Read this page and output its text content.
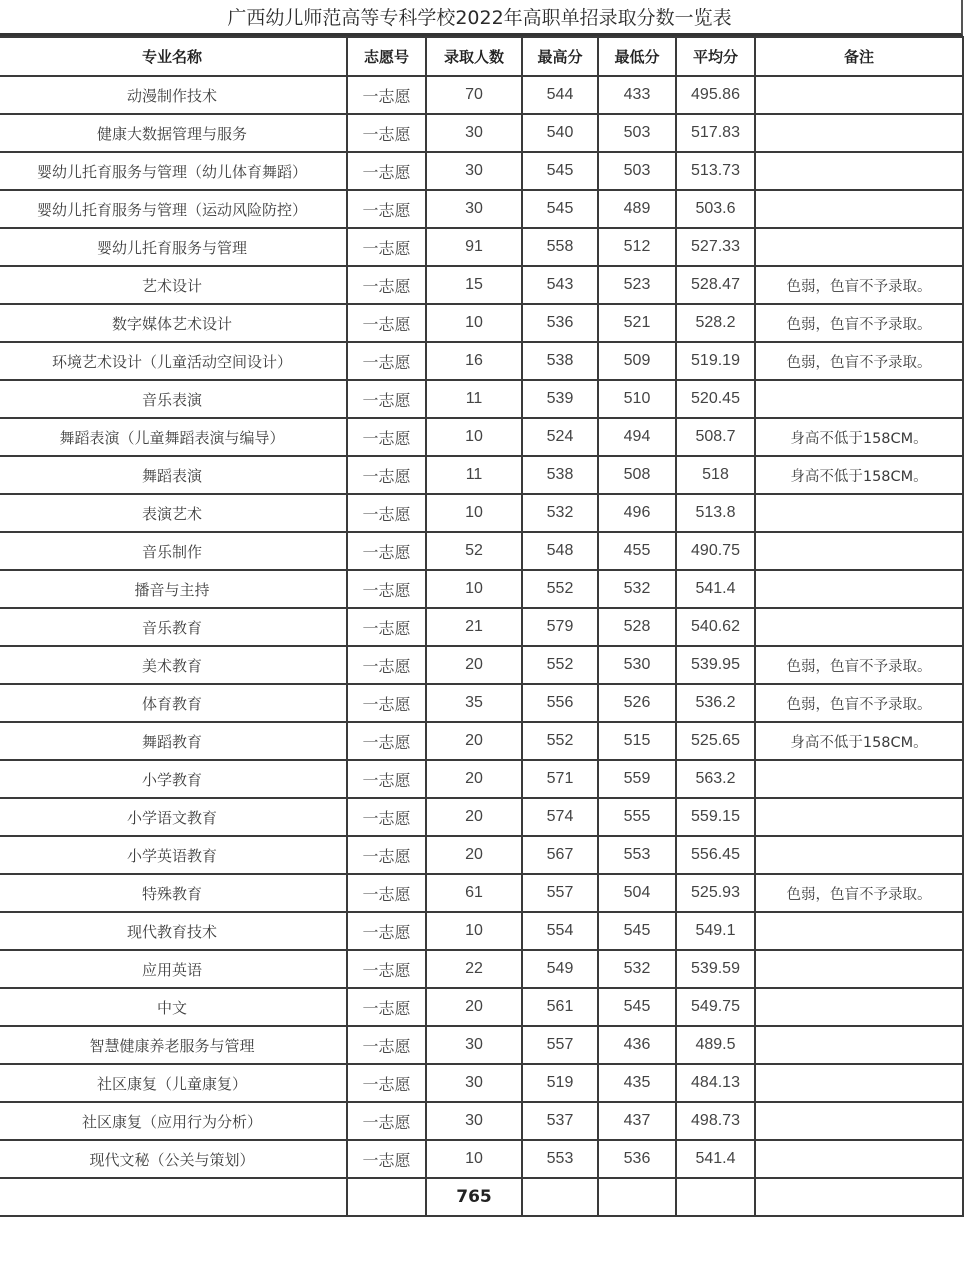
广西幼儿师范高等专科学校2022年高职单招录取分数一览表
专业名称	志愿号	录取人数	最高分	最低分	平均分	备注
动漫制作技术	一志愿	70	544	433	495.86	
健康大数据管理与服务	一志愿	30	540	503	517.83	
婴幼儿托育服务与管理（幼儿体育舞蹈）	一志愿	30	545	503	513.73	
婴幼儿托育服务与管理（运动风险防控）	一志愿	30	545	489	503.6	
婴幼儿托育服务与管理	一志愿	91	558	512	527.33	
艺术设计	一志愿	15	543	523	528.47	色弱，色盲不予录取。
数字媒体艺术设计	一志愿	10	536	521	528.2	色弱，色盲不予录取。
环境艺术设计（儿童活动空间设计）	一志愿	16	538	509	519.19	色弱，色盲不予录取。
音乐表演	一志愿	11	539	510	520.45	
舞蹈表演（儿童舞蹈表演与编导）	一志愿	10	524	494	508.7	身高不低于158CM。
舞蹈表演	一志愿	11	538	508	518	身高不低于158CM。
表演艺术	一志愿	10	532	496	513.8	
音乐制作	一志愿	52	548	455	490.75	
播音与主持	一志愿	10	552	532	541.4	
音乐教育	一志愿	21	579	528	540.62	
美术教育	一志愿	20	552	530	539.95	色弱，色盲不予录取。
体育教育	一志愿	35	556	526	536.2	色弱，色盲不予录取。
舞蹈教育	一志愿	20	552	515	525.65	身高不低于158CM。
小学教育	一志愿	20	571	559	563.2	
小学语文教育	一志愿	20	574	555	559.15	
小学英语教育	一志愿	20	567	553	556.45	
特殊教育	一志愿	61	557	504	525.93	色弱，色盲不予录取。
现代教育技术	一志愿	10	554	545	549.1	
应用英语	一志愿	22	549	532	539.59	
中文	一志愿	20	561	545	549.75	
智慧健康养老服务与管理	一志愿	30	557	436	489.5	
社区康复（儿童康复）	一志愿	30	519	435	484.13	
社区康复（应用行为分析）	一志愿	30	537	437	498.73	
现代文秘（公关与策划）	一志愿	10	553	536	541.4	
		765				
